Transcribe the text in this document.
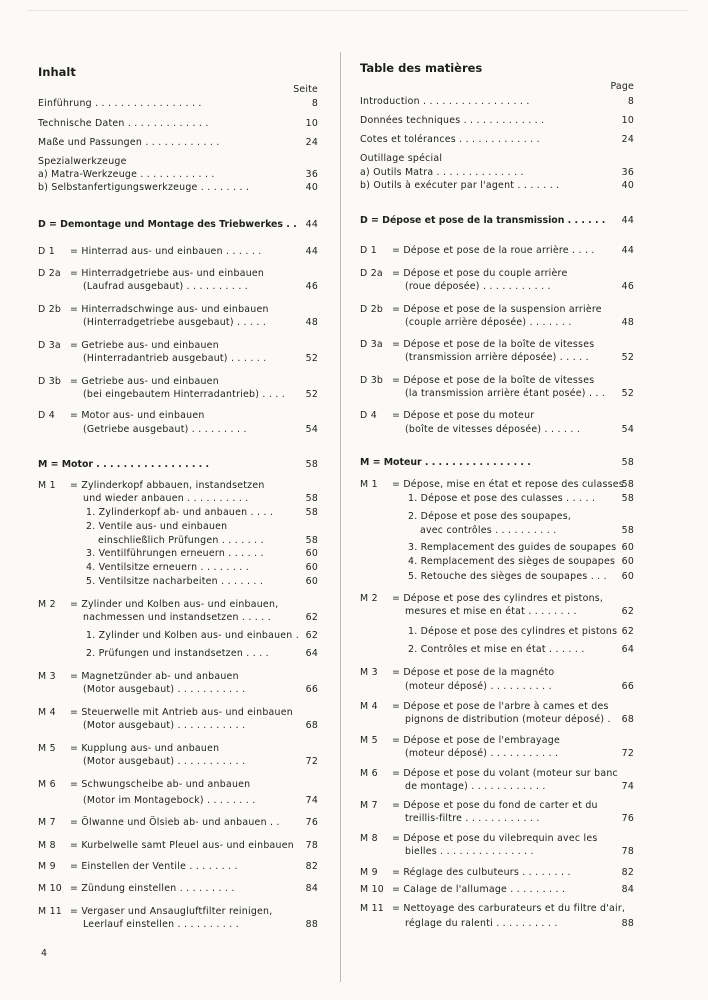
Inhalt
Seite
Einführung . . . . . . . . . . . . . . . . .	8
Technische Daten . . . . . . . . . . . . .	10
Maße und Passungen . . . . . . . . . . . .	24
Spezialwerkzeuge
a) Matra-Werkzeuge . . . . . . . . . . . .	36
b) Selbstanfertigungswerkzeuge . . . . . . . .	40
D = Demontage und Montage des Triebwerkes . . 44
D 1 = Hinterrad aus- und einbauen . . . . . .	44
D 2a = Hinterradgetriebe aus- und einbauen
(Laufrad ausgebaut) . . . . . . . . . .	46
D 2b = Hinterradschwinge aus- und einbauen
(Hinterradgetriebe ausgebaut) . . . . .	48
D 3a = Getriebe aus- und einbauen
(Hinterradantrieb ausgebaut) . . . . . .	52
D 3b = Getriebe aus- und einbauen
(bei eingebautem Hinterradantrieb) . . . . 52
D 4 = Motor aus- und einbauen
(Getriebe ausgebaut) . . . . . . . . .	54
M = Motor . . . . . . . . . . . . . . . . .	58
M 1 = Zylinderkopf abbauen, instandsetzen
und wieder anbauen . . . . . . . . . .	58
1. Zylinderkopf ab- und anbauen . . . .	58
2. Ventile aus- und einbauen
einschließlich Prüfungen . . . . . . .	58
3. Ventilführungen erneuern . . . . . .	60
4. Ventilsitze erneuern . . . . . . . .	60
5. Ventilsitze nacharbeiten . . . . . . .	60
M 2 = Zylinder und Kolben aus- und einbauen,
nachmessen und instandsetzen . . . . .	62
1. Zylinder und Kolben aus- und einbauen . 62
2. Prüfungen und instandsetzen . . . .	64
M 3 = Magnetzünder ab- und anbauen
(Motor ausgebaut) . . . . . . . . . . .	66
M 4 = Steuerwelle mit Antrieb aus- und einbauen
(Motor ausgebaut) . . . . . . . . . . .	68
M 5 = Kupplung aus- und anbauen
(Motor ausgebaut) . . . . . . . . . . .	72
M 6 = Schwungscheibe ab- und anbauen
(Motor im Montagebock) . . . . . . . .	74
M 7 = Ölwanne und Ölsieb ab- und anbauen . .	76
M 8 = Kurbelwelle samt Pleuel aus- und einbauen 78
M 9 = Einstellen der Ventile . . . . . . . .	82
M 10 = Zündung einstellen . . . . . . . . .	84
M 11 = Vergaser und Ansaugluftfilter reinigen,
Leerlauf einstellen . . . . . . . . . .	88
Table des matières
Page
Introduction . . . . . . . . . . . . . . . . .	8
Données techniques . . . . . . . . . . . . .	10
Cotes et tolérances . . . . . . . . . . . . .	24
Outillage spécial
a) Outils Matra . . . . . . . . . . . . . .	36
b) Outils à exécuter par l'agent . . . . . . .	40
D = Dépose et pose de la transmission . . . . . . 44
D 1 = Dépose et pose de la roue arrière . . . .	44
D 2a = Dépose et pose du couple arrière
(roue déposée) . . . . . . . . . . .	46
D 2b = Dépose et pose de la suspension arrière
(couple arrière déposée) . . . . . . .	48
D 3a = Dépose et pose de la boîte de vitesses
(transmission arrière déposée) . . . . .	52
D 3b = Dépose et pose de la boîte de vitesses
(la transmission arrière étant posée) . . . 52
D 4 = Dépose et pose du moteur
(boîte de vitesses déposée) . . . . . .	54
M = Moteur . . . . . . . . . . . . . . . .	58
M 1 = Dépose, mise en état et repose des culasses
58
1. Dépose et pose des culasses . . . . .	58
2. Dépose et pose des soupapes,
avec contrôles . . . . . . . . . .	58
3. Remplacement des guides de soupapes 60
4. Remplacement des sièges de soupapes 60
5. Retouche des sièges de soupapes . . . 60
M 2 = Dépose et pose des cylindres et pistons,
mesures et mise en état . . . . . . . .	62
1. Dépose et pose des cylindres et pistons 62
2. Contrôles et mise en état . . . . . .	64
M 3 = Dépose et pose de la magnéto
(moteur déposé) . . . . . . . . . .	66
M 4 = Dépose et pose de l'arbre à cames et des
pignons de distribution (moteur déposé) . 68
M 5 = Dépose et pose de l'embrayage
(moteur déposé) . . . . . . . . . . .	72
M 6 = Dépose et pose du volant (moteur sur banc
de montage) . . . . . . . . . . . .	74
M 7 = Dépose et pose du fond de carter et du
treillis-filtre . . . . . . . . . . . .	76
M 8 = Dépose et pose du vilebrequin avec les
bielles . . . . . . . . . . . . . . .	78
M 9 = Réglage des culbuteurs . . . . . . . .	82
M 10 = Calage de l'allumage . . . . . . . . .	84
M 11 = Nettoyage des carburateurs et du filtre d'air,
réglage du ralenti . . . . . . . . . .	88
4
